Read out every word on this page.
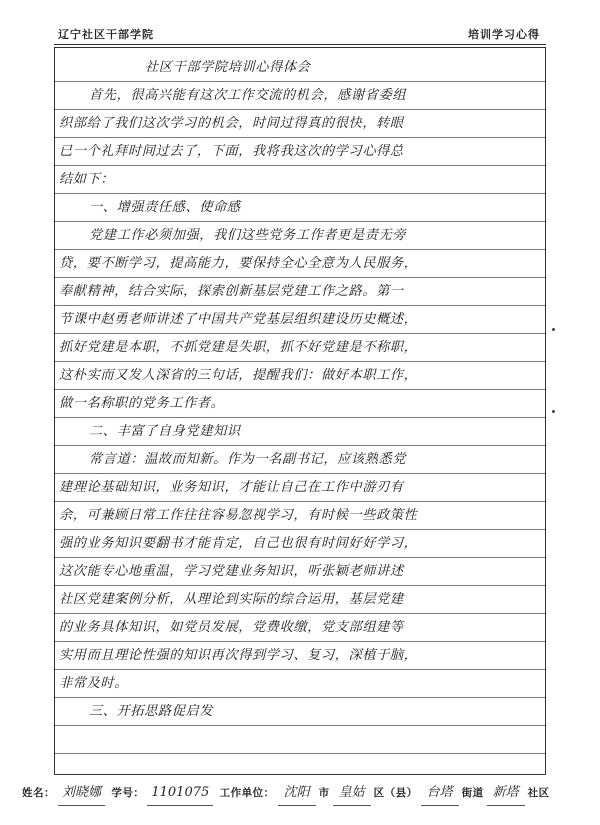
辽宁社区干部学院	培训学习心得
社区干部学院培训心得体会
首先，很高兴能有这次工作交流的机会，感谢省委组
织部给了我们这次学习的机会，时间过得真的很快，转眼
已一个礼拜时间过去了，下面，我将我这次的学习心得总
结如下：
一、增强责任感、使命感
党建工作必须加强，我们这些党务工作者更是责无旁
贷，要不断学习，提高能力，要保持全心全意为人民服务，
奉献精神，结合实际，探索创新基层党建工作之路。第一
节课中赵勇老师讲述了中国共产党基层组织建设历史概述，
抓好党建是本职，不抓党建是失职，抓不好党建是不称职，
这朴实而又发人深省的三句话，提醒我们：做好本职工作，
做一名称职的党务工作者。
二、丰富了自身党建知识
常言道：温故而知新。作为一名副书记，应该熟悉党
建理论基础知识，业务知识，才能让自己在工作中游刃有
余，可兼顾日常工作往往容易忽视学习，有时候一些政策性
强的业务知识要翻书才能肯定，自己也很有时间好好学习，
这次能专心地重温，学习党建业务知识，听张颖老师讲述
社区党建案例分析，从理论到实际的综合运用，基层党建
的业务具体知识，如党员发展，党费收缴，党支部组建等
实用而且理论性强的知识再次得到学习、复习，深植于脑，
非常及时。
三、开拓思路促启发
姓名： 刘晓娜 学号： 1101075 工作单位： 沈阳 市 皇姑 区（县） 台塔 街道 新塔 社区
